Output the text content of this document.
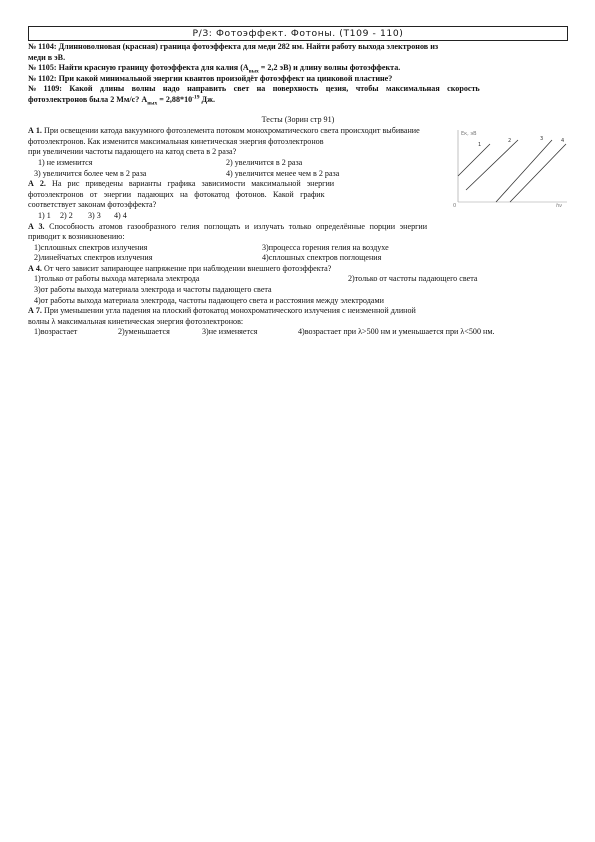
Р/З: Фотоэффект. Фотоны. (Т109 - 110)
№ 1104: Длинноволновая (красная) граница фотоэффекта для меди 282 нм. Найти работу выхода электронов из
меди в эВ.
№ 1105: Найти красную границу фотоэффекта для калия ($А_{вых} = 2,2$ эВ) и длину волны фотоэффекта.
№ 1102: При какой минимальной энергии квантов произойдёт фотоэффект на цинковой пластине?
№ 1109: Какой длины волны надо направить свет на поверхность цезия, чтобы максимальная скорость
фотоэлектронов была 2 Мм/с? $А_{вых} = 2,88*10^{-19}$ Дж.
Тесты (Зорин стр 91)
А 1. При освещении катода вакуумного фотоэлемента потоком монохроматического света происходит выбивание
фотоэлектронов. Как изменится максимальная кинетическая энергия фотоэлектронов
при увеличении частоты падающего на катод света в 2 раза?
1) не изменится	2) увеличится в 2 раза
3) увеличится более чем в 2 раза	4) увеличится менее чем в 2 раза
А 2. На рис приведены варианты графика зависимости максимальной энергии
фотоэлектронов от энергии падающих на фотокатод фотонов. Какой график
соответствует законам фотоэффекта?
1) 1 2) 2 3) 3 4) 4
Eк, эВ
hν
0
1
2	3	4
А 3. Способность атомов газообразного гелия поглощать и излучать только определённые порции энергии
приводит к возникновению:
1)сплошных спектров излучения	3)процесса горения гелия на воздухе
2)линейчатых спектров излучения	4)сплошных спектров поглощения
А 4. От чего зависит запирающее напряжение при наблюдении внешнего фотоэффекта?
1)только от работы выхода материала электрода	2)только от частоты падающего света
3)от работы выхода материала электрода и частоты падающего света
4)от работы выхода материала электрода, частоты падающего света и расстояния между электродами
А 7. При уменьшении угла падения на плоский фотокатод монохроматического излучения с неизменной длиной
волны λ максимальная кинетическая энергия фотоэлектронов:
1)возрастает	2)уменьшается	3)не изменяется	4)возрастает при λ>500 нм и уменьшается при λ<500 нм.
